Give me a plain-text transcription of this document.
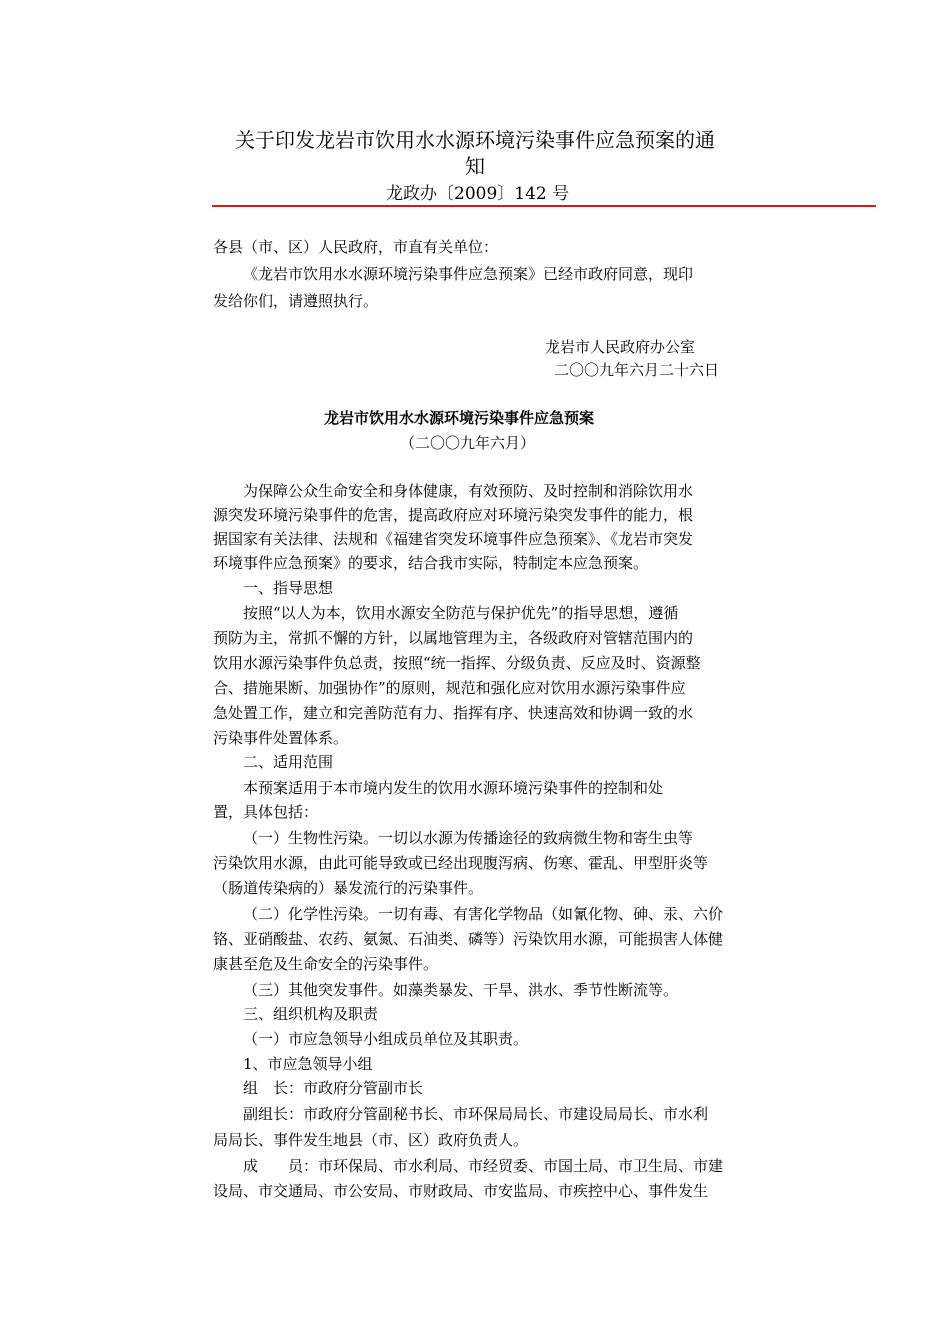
关于印发龙岩市饮用水水源环境污染事件应急预案的通
知
龙政办〔2009〕142 号
各县（市、区）人民政府，市直有关单位：
《龙岩市饮用水水源环境污染事件应急预案》已经市政府同意，现印
发给你们，请遵照执行。
龙岩市人民政府办公室
二〇〇九年六月二十六日
龙岩市饮用水水源环境污染事件应急预案
（二〇〇九年六月）
为保障公众生命安全和身体健康，有效预防、及时控制和消除饮用水
源突发环境污染事件的危害，提高政府应对环境污染突发事件的能力，根
据国家有关法律、法规和《福建省突发环境事件应急预案》、《龙岩市突发
环境事件应急预案》的要求，结合我市实际，特制定本应急预案。
一、指导思想
按照“以人为本，饮用水源安全防范与保护优先”的指导思想，遵循
预防为主，常抓不懈的方针，以属地管理为主，各级政府对管辖范围内的
饮用水源污染事件负总责，按照“统一指挥、分级负责、反应及时、资源整
合、措施果断、加强协作”的原则，规范和强化应对饮用水源污染事件应
急处置工作，建立和完善防范有力、指挥有序、快速高效和协调一致的水
污染事件处置体系。
二、适用范围
本预案适用于本市境内发生的饮用水源环境污染事件的控制和处
置，具体包括：
（一）生物性污染。一切以水源为传播途径的致病微生物和寄生虫等
污染饮用水源，由此可能导致或已经出现腹泻病、伤寒、霍乱、甲型肝炎等
（肠道传染病的）暴发流行的污染事件。
（二）化学性污染。一切有毒、有害化学物品（如氰化物、砷、汞、六价
铬、亚硝酸盐、农药、氨氮、石油类、磷等）污染饮用水源，可能损害人体健
康甚至危及生命安全的污染事件。
（三）其他突发事件。如藻类暴发、干旱、洪水、季节性断流等。
三、组织机构及职责
（一）市应急领导小组成员单位及其职责。
1、市应急领导小组
组　长：市政府分管副市长
副组长：市政府分管副秘书长、市环保局局长、市建设局局长、市水利
局局长、事件发生地县（市、区）政府负责人。
成　　员：市环保局、市水利局、市经贸委、市国土局、市卫生局、市建
设局、市交通局、市公安局、市财政局、市安监局、市疾控中心、事件发生
